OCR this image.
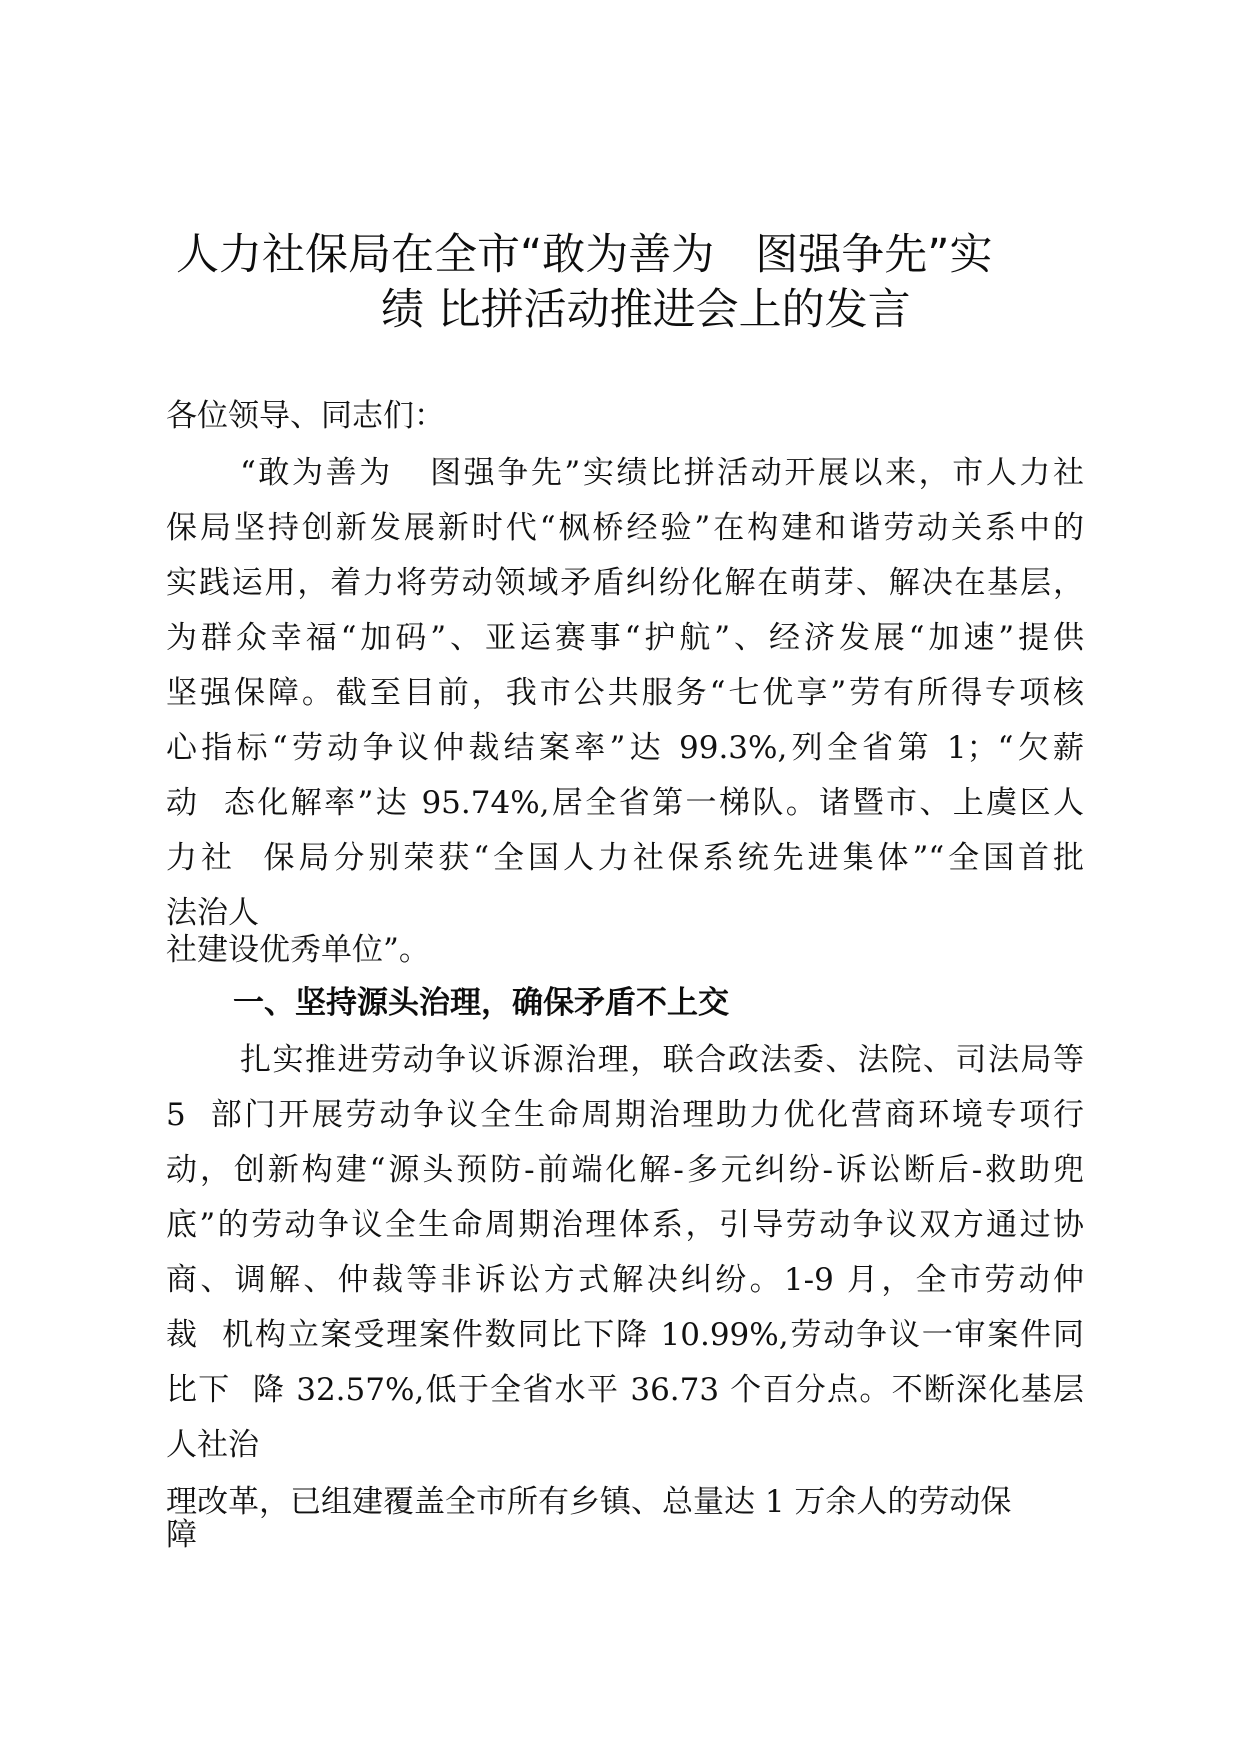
人力社保局在全市“敢为善为   图强争先”实
绩 比拼活动推进会上的发言
各位领导、同志们：
“敢为善为   图强争先”实绩比拼活动开展以来，市人力社
保局坚持创新发展新时代“枫桥经验”在构建和谐劳动关系中的
实践运用，着力将劳动领域矛盾纠纷化解在萌芽、解决在基层，
为群众幸福“加码”、亚运赛事“护航”、经济发展“加速”提供
坚强保障。截至目前，我市公共服务“七优享”劳有所得专项核
心指标“劳动争议仲裁结案率”达 99.3%,列全省第 1；“欠薪
动  态化解率”达 95.74%,居全省第一梯队。诸暨市、上虞区人
力社  保局分别荣获“全国人力社保系统先进集体”“全国首批
法治人
社建设优秀单位”。
一、坚持源头治理，确保矛盾不上交
扎实推进劳动争议诉源治理，联合政法委、法院、司法局等
5  部门开展劳动争议全生命周期治理助力优化营商环境专项行
动，创新构建“源头预防-前端化解-多元纠纷-诉讼断后-救助兜
底”的劳动争议全生命周期治理体系，引导劳动争议双方通过协
商、调解、仲裁等非诉讼方式解决纠纷。1-9 月，全市劳动仲
裁  机构立案受理案件数同比下降 10.99%,劳动争议一审案件同
比下  降 32.57%,低于全省水平 36.73 个百分点。不断深化基层
人社治
理改革，已组建覆盖全市所有乡镇、总量达 1 万余人的劳动保
障
